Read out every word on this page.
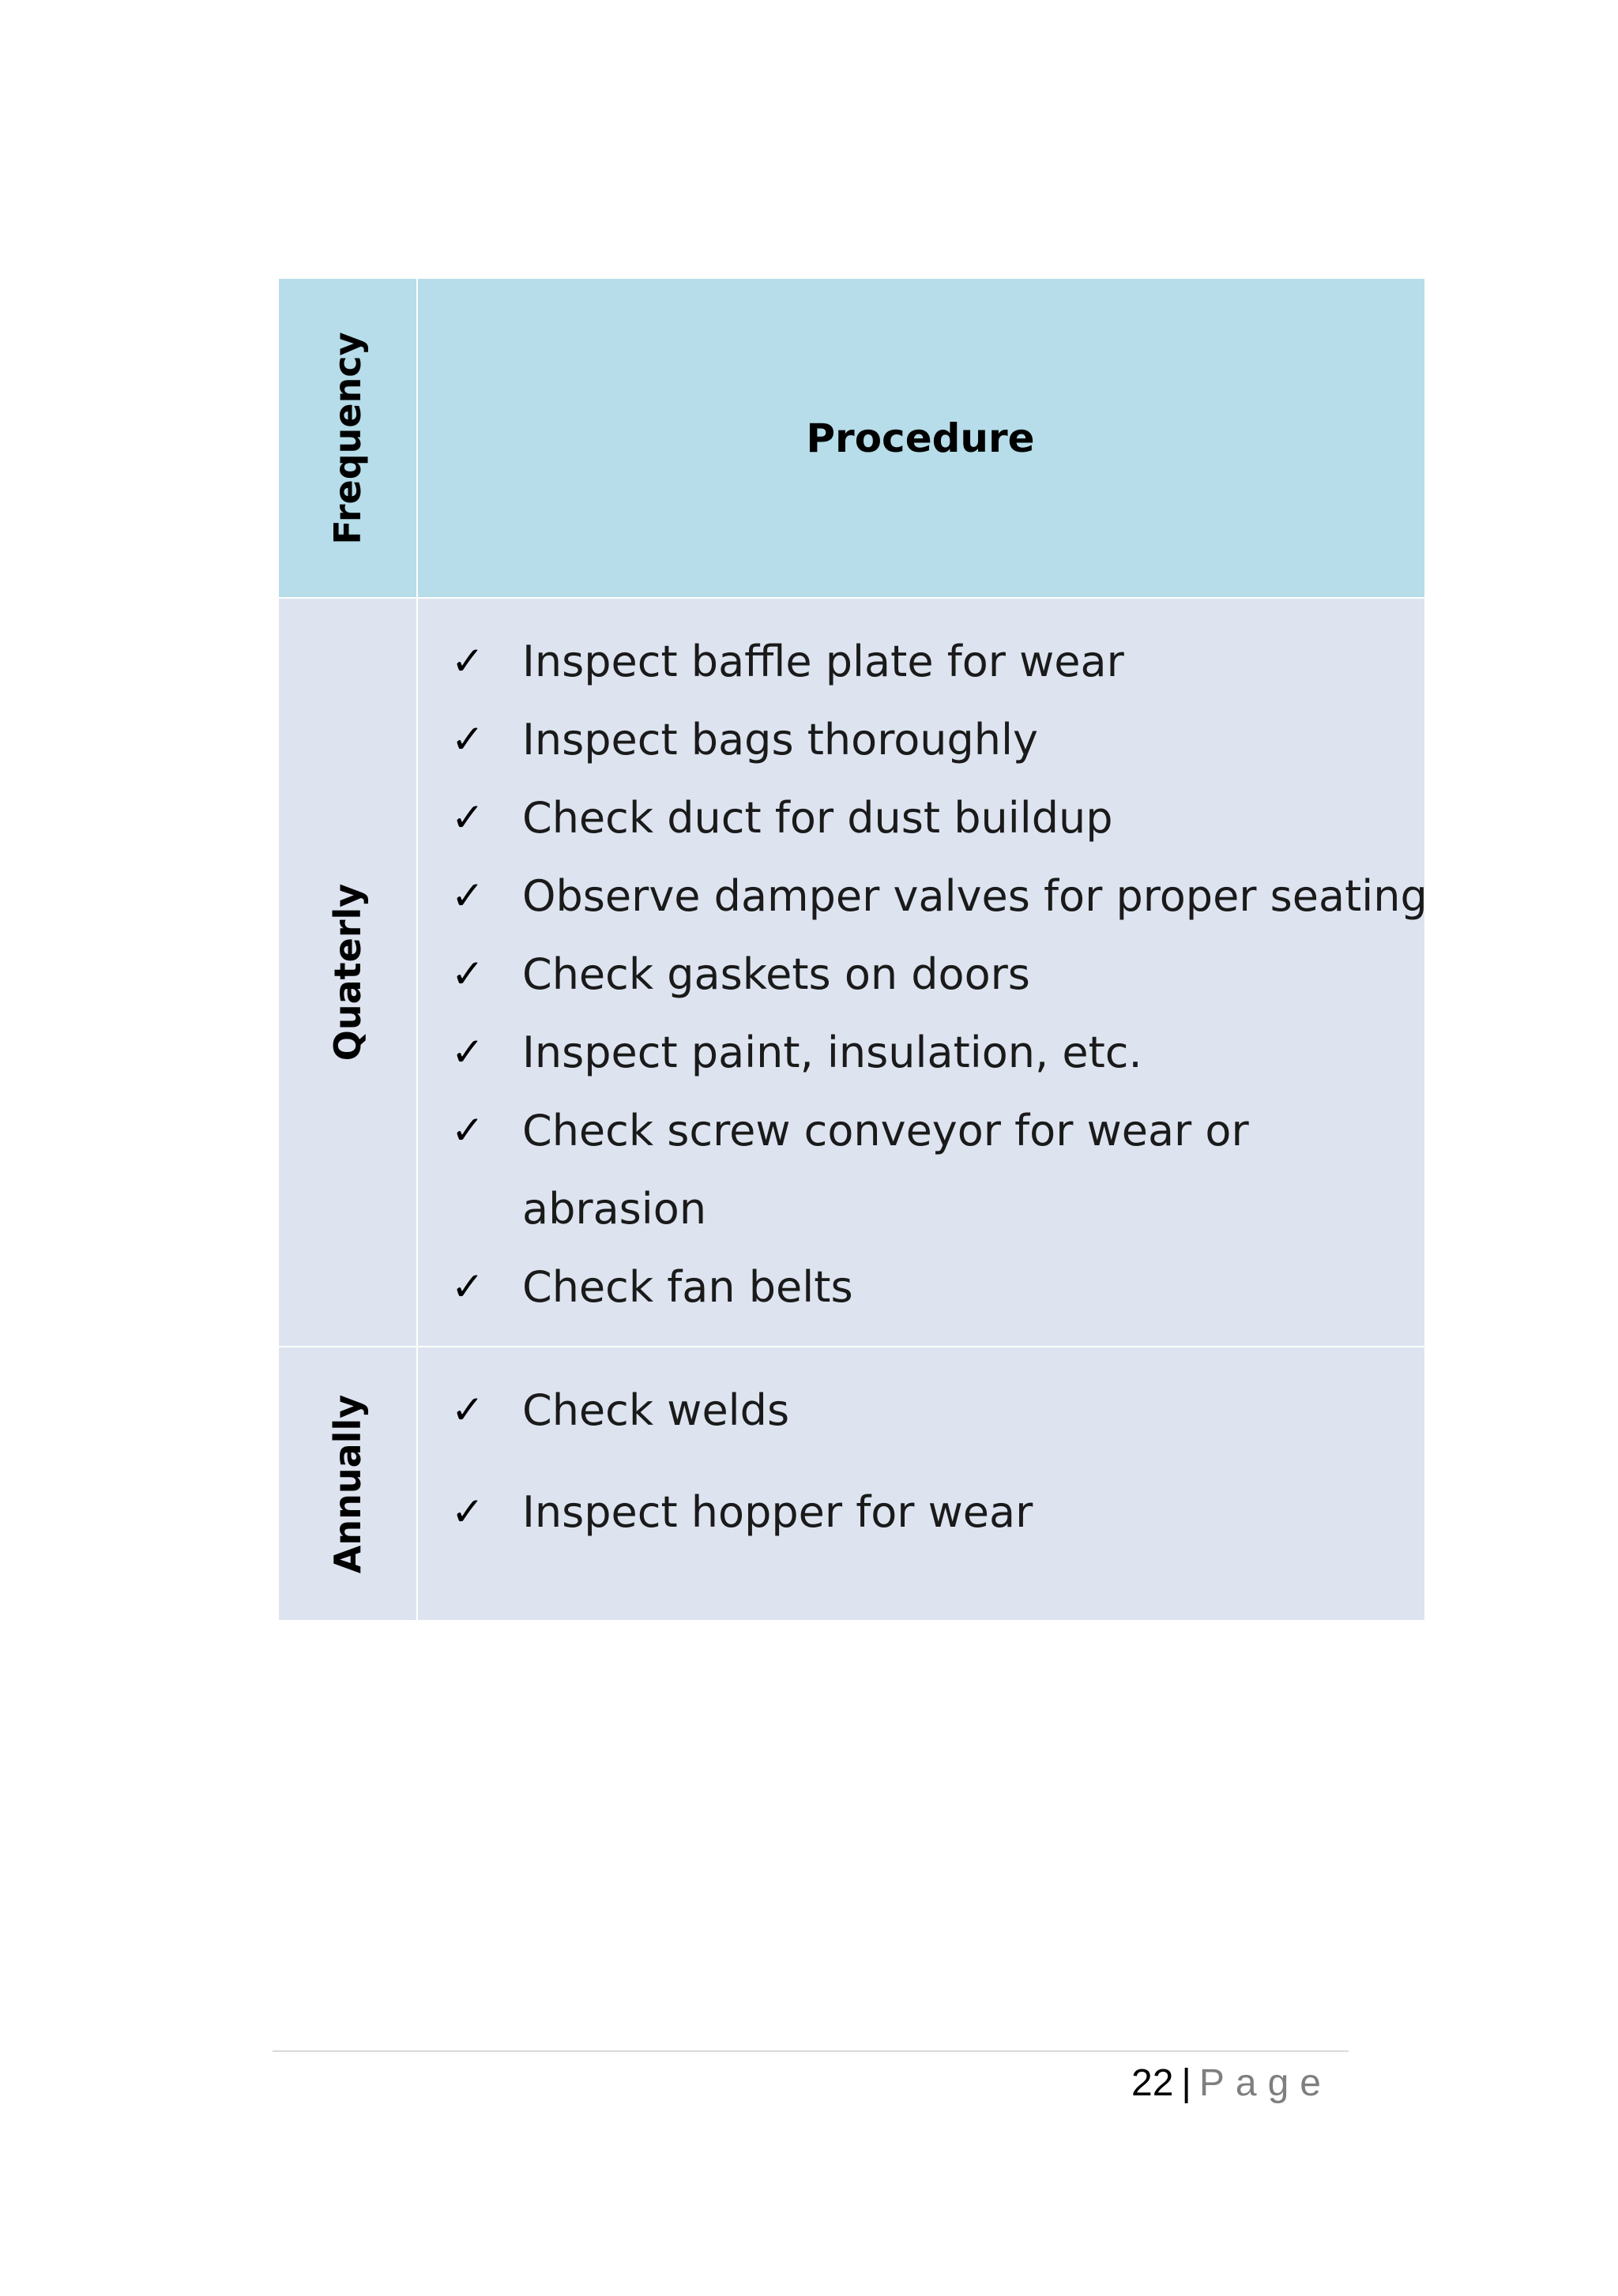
Frequency	Procedure
Quaterly
✓ Inspect baffle plate for wear
✓ Inspect bags thoroughly
✓ Check duct for dust buildup
✓ Observe damper valves for proper seating
✓ Check gaskets on doors
✓ Inspect paint, insulation, etc.
✓ Check screw conveyor for wear or abrasion
✓ Check fan belts
Annually ✓ Check welds
✓ Inspect hopper for wear
22 | Page
